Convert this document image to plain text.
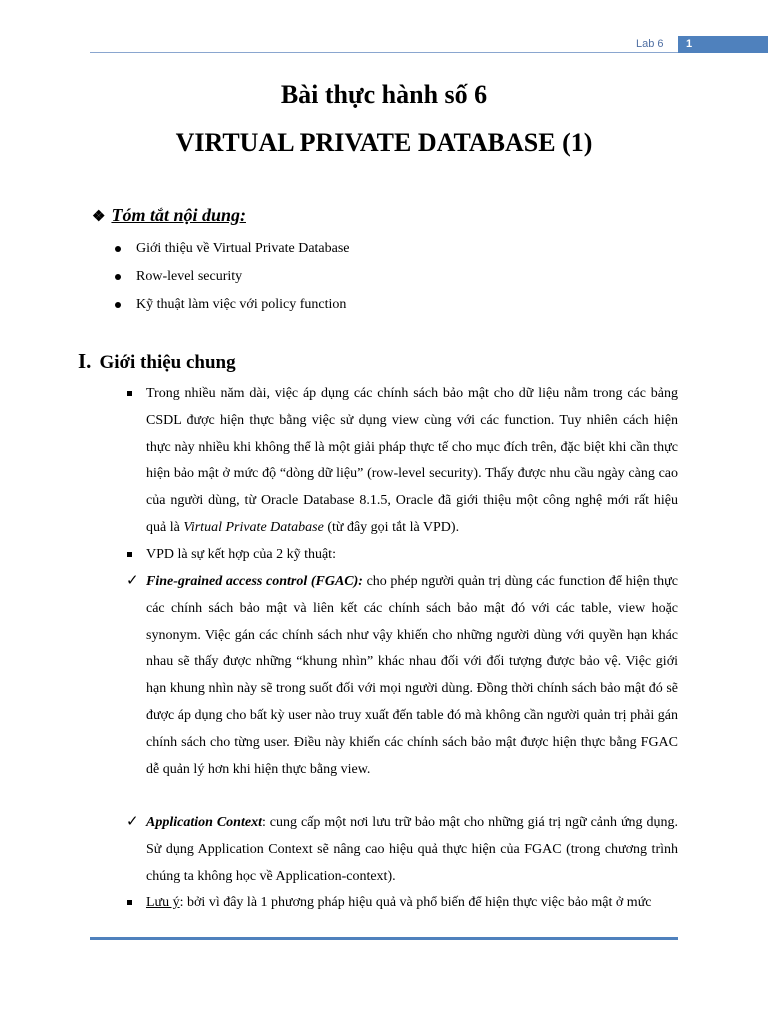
Lab 6	1
Bài thực hành số 6
VIRTUAL PRIVATE DATABASE (1)
❖ Tóm tắt nội dung:
Giới thiệu về Virtual Private Database
Row-level security
Kỹ thuật làm việc với policy function
I. Giới thiệu chung
Trong nhiều năm dài, việc áp dụng các chính sách bảo mật cho dữ liệu nằm trong các bảng CSDL được hiện thực bằng việc sử dụng view cùng với các function. Tuy nhiên cách hiện thực này nhiều khi không thể là một giải pháp thực tế cho mục đích trên, đặc biệt khi cần thực hiện bảo mật ở mức độ “dòng dữ liệu” (row-level security). Thấy được nhu cầu ngày càng cao của người dùng, từ Oracle Database 8.1.5, Oracle đã giới thiệu một công nghệ mới rất hiệu quả là Virtual Private Database (từ đây gọi tắt là VPD).
VPD là sự kết hợp của 2 kỹ thuật:
✓ Fine-grained access control (FGAC): cho phép người quản trị dùng các function để hiện thực các chính sách bảo mật và liên kết các chính sách bảo mật đó với các table, view hoặc synonym. Việc gán các chính sách như vậy khiến cho những người dùng với quyền hạn khác nhau sẽ thấy được những “khung nhìn” khác nhau đối với đối tượng được bảo vệ. Việc giới hạn khung nhìn này sẽ trong suốt đối với mọi người dùng. Đồng thời chính sách bảo mật đó sẽ được áp dụng cho bất kỳ user nào truy xuất đến table đó mà không cần người quản trị phải gán chính sách cho từng user. Điều này khiến các chính sách bảo mật được hiện thực bằng FGAC dễ quản lý hơn khi hiện thực bằng view.
✓ Application Context: cung cấp một nơi lưu trữ bảo mật cho những giá trị ngữ cảnh ứng dụng. Sử dụng Application Context sẽ nâng cao hiệu quả thực hiện của FGAC (trong chương trình chúng ta không học về Application-context).
Lưu ý: bởi vì đây là 1 phương pháp hiệu quả và phổ biến để hiện thực việc bảo mật ở mức
